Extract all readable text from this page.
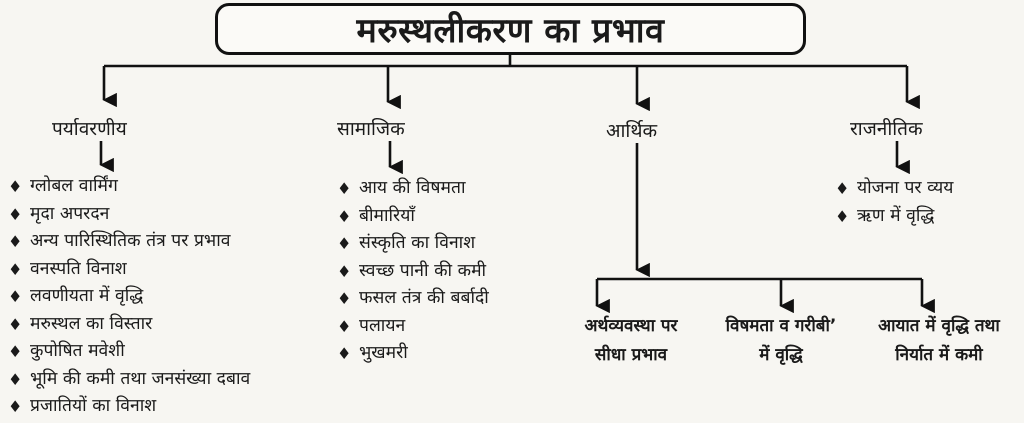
मरुस्थलीकरण का प्रभाव
पर्यावरणीय	सामाजिक	आर्थिक	राजनीतिक
♦ ग्लोबल वार्मिंग
♦ मृदा अपरदन
♦ अन्य पारिस्थितिक तंत्र पर प्रभाव
♦ वनस्पति विनाश
♦ लवणीयता में वृद्धि
♦ मरुस्थल का विस्तार
♦ कुपोषित मवेशी
♦ भूमि की कमी तथा जनसंख्या दबाव
♦ प्रजातियों का विनाश
♦ आय की विषमता
♦ बीमारियाँ
♦ संस्कृति का विनाश
♦ स्वच्छ पानी की कमी
♦ फसल तंत्र की बर्बादी
♦ पलायन
♦ भुखमरी
♦ योजना पर व्यय
♦ ऋण में वृद्धि
अर्थव्यवस्था पर
सीधा प्रभाव
विषमता व गरीबी’
में वृद्धि
आयात में वृद्धि तथा
निर्यात में कमी
